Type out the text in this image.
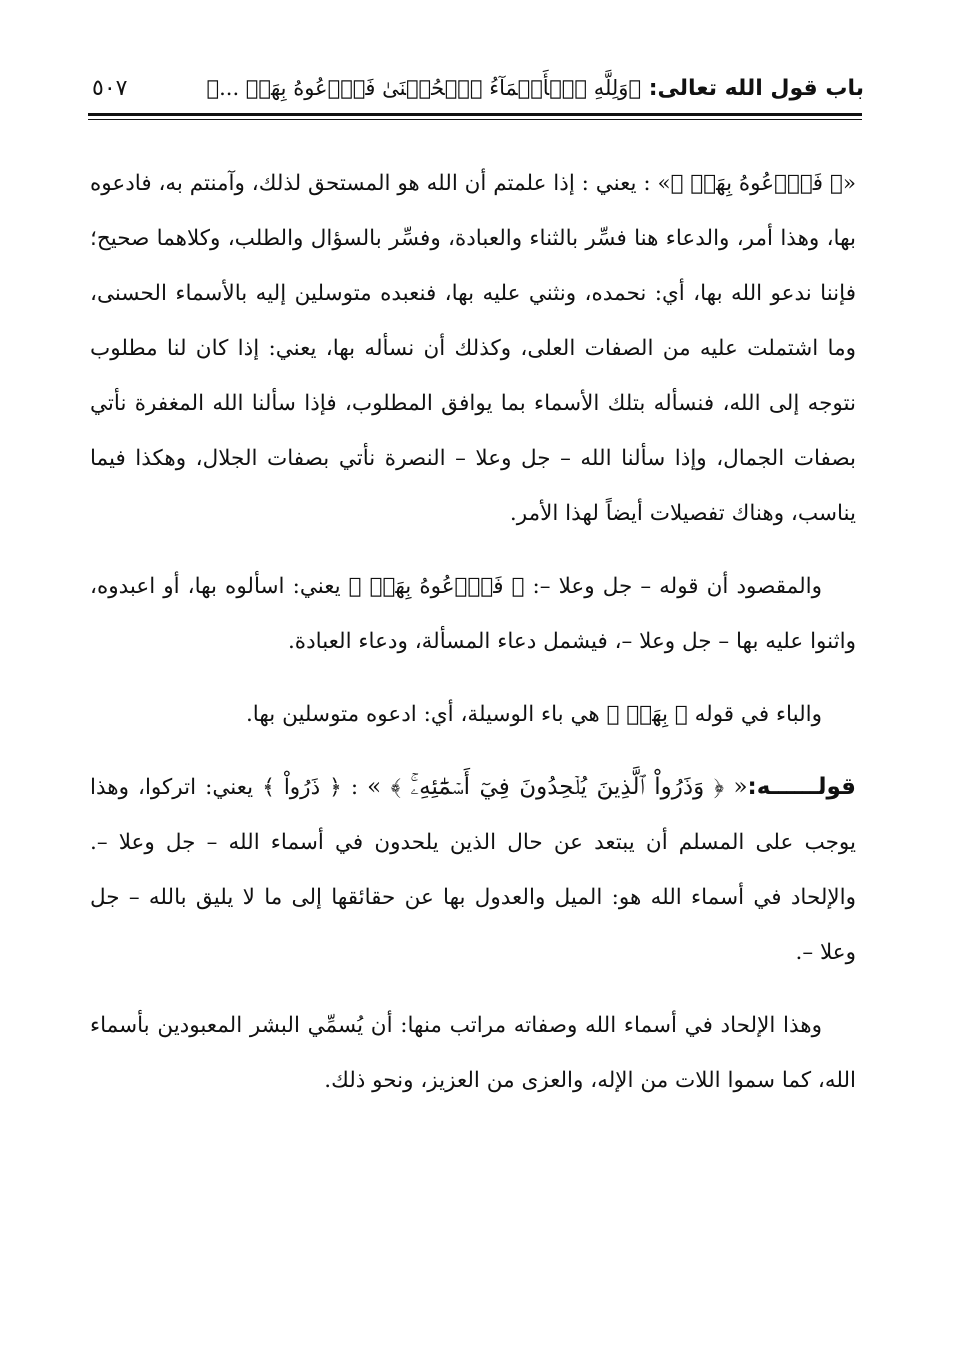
باب قول الله تعالى: ﴿وَلِلَّهِ ٱلۡأَسۡمَآءُ ٱلۡحُسۡنَىٰ فَٱدۡعُوهُ بِهَاۖ ...﴾
٥٠٧

«﴿ فَٱدۡعُوهُ بِهَاۖ ﴾» : يعني : إذا علمتم أن الله هو المستحق لذلك، وآمنتم به، فادعوه بها، وهذا أمر، والدعاء هنا فسِّر بالثناء والعبادة، وفسِّر بالسؤال والطلب، وكلاهما صحيح؛ فإننا ندعو الله بها، أي: نحمده، ونثني عليه بها، فنعبده متوسلين إليه بالأسماء الحسنى، وما اشتملت عليه من الصفات العلى، وكذلك أن نسأله بها، يعني: إذا كان لنا مطلوب نتوجه إلى الله، فنسأله بتلك الأسماء بما يوافق المطلوب، فإذا سألنا الله المغفرة نأتي بصفات الجمال، وإذا سألنا الله – جل وعلا – النصرة نأتي بصفات الجلال، وهكذا فيما يناسب، وهناك تفصيلات أيضاً لهذا الأمر.

والمقصود أن قوله – جل وعلا –: ﴿ فَٱدۡعُوهُ بِهَاۖ ﴾ يعني: اسألوه بها، أو اعبدوه، واثنوا عليه بها – جل وعلا –، فيشمل دعاء المسألة، ودعاء العبادة.

والباء في قوله ﴿ بِهَاۖ ﴾ هي باء الوسيلة، أي: ادعوه متوسلين بها.

قولــــــه:« ﴿ وَذَرُواْ ٱلَّذِينَ يُلۡحِدُونَ فِيٓ أَسۡمَٰٓئِهِۦۚ ﴾ » : ﴿ ذَرُواْ ﴾ يعني: اتركوا، وهذا يوجب على المسلم أن يبتعد عن حال الذين يلحدون في أسماء الله – جل وعلا –. والإلحاد في أسماء الله هو: الميل والعدول بها عن حقائقها إلى ما لا يليق بالله – جل وعلا –.

وهذا الإلحاد في أسماء الله وصفاته مراتب منها: أن يُسمِّي البشر المعبودين بأسماء الله، كما سموا اللات من الإله، والعزى من العزيز، ونحو ذلك.
